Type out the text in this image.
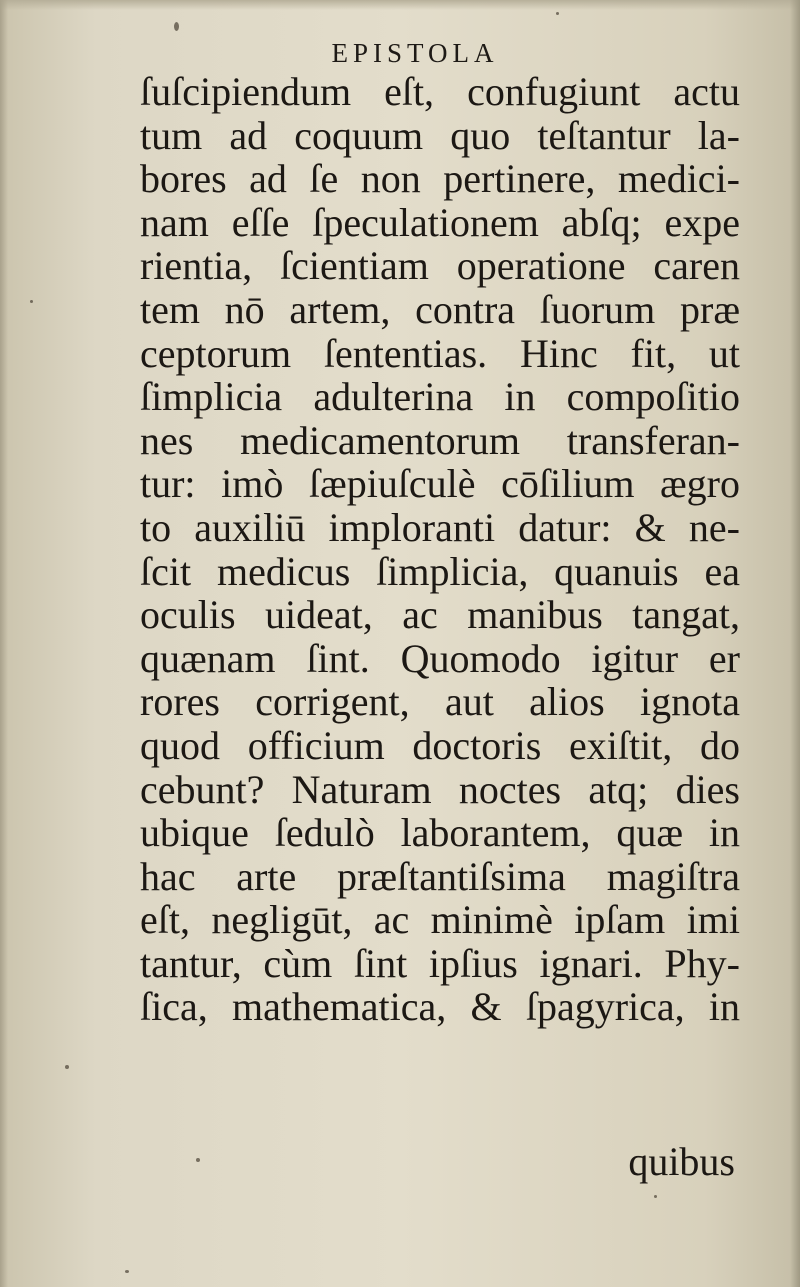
EPISTOLA
ſuſcipiendum eſt, confugiunt actu
tum ad coquum quo teſtantur la-
bores ad ſe non pertinere, medici-
nam eſſe ſpeculationem abſq; expe
rientia, ſcientiam operatione caren
tem nō artem, contra ſuorum præ
ceptorum ſententias. Hinc fit, ut
ſimplicia adulterina in compoſitio
nes medicamentorum transferan-
tur: imò ſæpiuſculè cōſilium ægro
to auxiliū imploranti datur: & ne-
ſcit medicus ſimplicia, quanuis ea
oculis uideat, ac manibus tangat,
quænam ſint. Quomodo igitur er
rores corrigent, aut alios ignota
quod officium doctoris exiſtit, do
cebunt? Naturam noctes atq; dies
ubique ſedulò laborantem, quæ in
hac arte præſtantiſsima magiſtra
eſt, negligūt, ac minimè ipſam imi
tantur, cùm ſint ipſius ignari. Phy-
ſica, mathematica, & ſpagyrica, in
quibus
